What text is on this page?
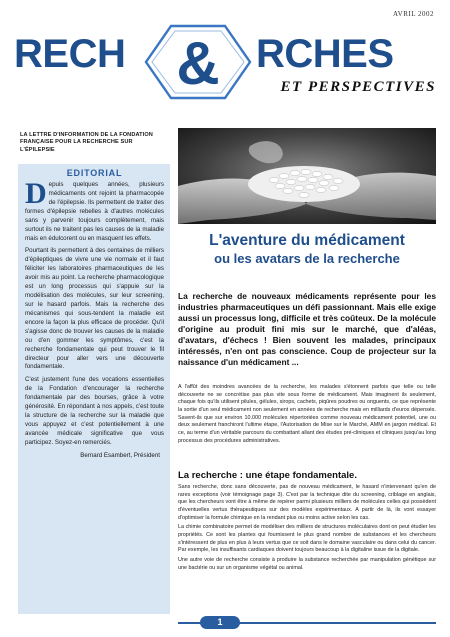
AVRIL 2002
RECH & RCHES
ET PERSPECTIVES
LA LETTRE D'INFORMATION DE LA FONDATION FRANÇAISE POUR LA RECHERCHE SUR L'ÉPILEPSIE
EDITORIAL

Depuis quelques années, plusieurs médicaments ont rejoint la pharmacopée de l'épilepsie. Ils permettent de traiter des formes d'épilepsie rebelles à d'autres molécules sans y parvenir toujours complètement, mais surtout ils ne traitent pas les causes de la maladie mais en édulcorent ou en masquent les effets.

Pourtant ils permettent à des centaines de milliers d'épileptiques de vivre une vie normale et il faut féliciter les laboratoires pharmaceutiques de les avoir mis au point. La recherche pharmacologique est un long processus qui s'appuie sur la modélisation des molécules, sur leur screening, sur le hasard parfois. Mais la recherche des mécanismes qui sous-tendent la maladie est encore la façon la plus efficace de procéder. Qu'il s'agisse donc de trouver les causes de la maladie ou d'en gommer les symptômes, c'est la recherche fondamentale qui peut trouver le fil directeur pour aller vers une découverte fondamentale.

C'est justement l'une des vocations essentielles de la Fondation d'encourager la recherche fondamentale par des bourses, grâce à votre générosité. En répondant à nos appels, c'est toute la structure de la recherche sur la maladie que vous appuyez et c'est potentiellement à une avancée médicale significative que vous participez. Soyez-en remerciés.

Bernard Esambert, Président
L'aventure du médicament
ou les avatars de la recherche
La recherche de nouveaux médicaments représente pour les industries pharmaceutiques un défi passionnant. Mais elle exige aussi un processus long, difficile et très coûteux. De la molécule d'origine au produit fini mis sur le marché, que d'aléas, d'avatars, d'échecs ! Bien souvent les malades, principaux intéressés, n'en ont pas conscience. Coup de projecteur sur la naissance d'un médicament ...
A l'affût des moindres avancées de la recherche, les malades s'étonnent parfois que telle ou telle découverte ne se concrétise pas plus vite sous forme de médicament. Mais imaginent ils seulement, chaque fois qu'ils utilisent pilules, gélules, sirops, cachets, piqûres poudres ou onguents, ce que représente la sortie d'un seul médicament non seulement en années de recherche mais en milliards d'euros dépensés. Savent-ils que sur environ 10.000 molécules répertoriées comme nouveau médicament potentiel, une ou deux seulement franchiront l'ultime étape, l'Autorisation de Mise sur le Marché, AMM en jargon médical. Et ce, au terme d'un véritable parcours du combattant allant des études pré-cliniques et cliniques jusqu'au long processus des procédures administratives.
La recherche : une étape fondamentale.

Sans recherche, donc sans découverte, pas de nouveau médicament, le hasard n'intervenant qu'en de rares exceptions (voir témoignage page 3). C'est par la technique dite du screening, criblage en anglais, que les chercheurs vont être à même de repérer parmi plusieurs milliers de molécules celles qui possèdent d'éventuelles vertus thérapeutiques sur des modèles expérimentaux. A partir de là, ils vont essayer d'optimiser la formule chimique en la rendant plus ou moins active selon les cas.

La chimie combinatoire permet de modéliser des milliers de structures moléculaires dont on peut étudier les propriétés. Ce sont les plantes qui fournissent le plus grand nombre de substances et les chercheurs s'intéressent de plus en plus à leurs vertus que ce soit dans le domaine vasculaire ou dans celui du cancer. Par exemple, les insuffisants cardiaques doivent toujours beaucoup à la digitaline issue de la digitale.

Une autre voie de recherche consiste à produire la substance recherchée par manipulation génétique sur une bactérie ou sur un organisme végétal ou animal.

1
